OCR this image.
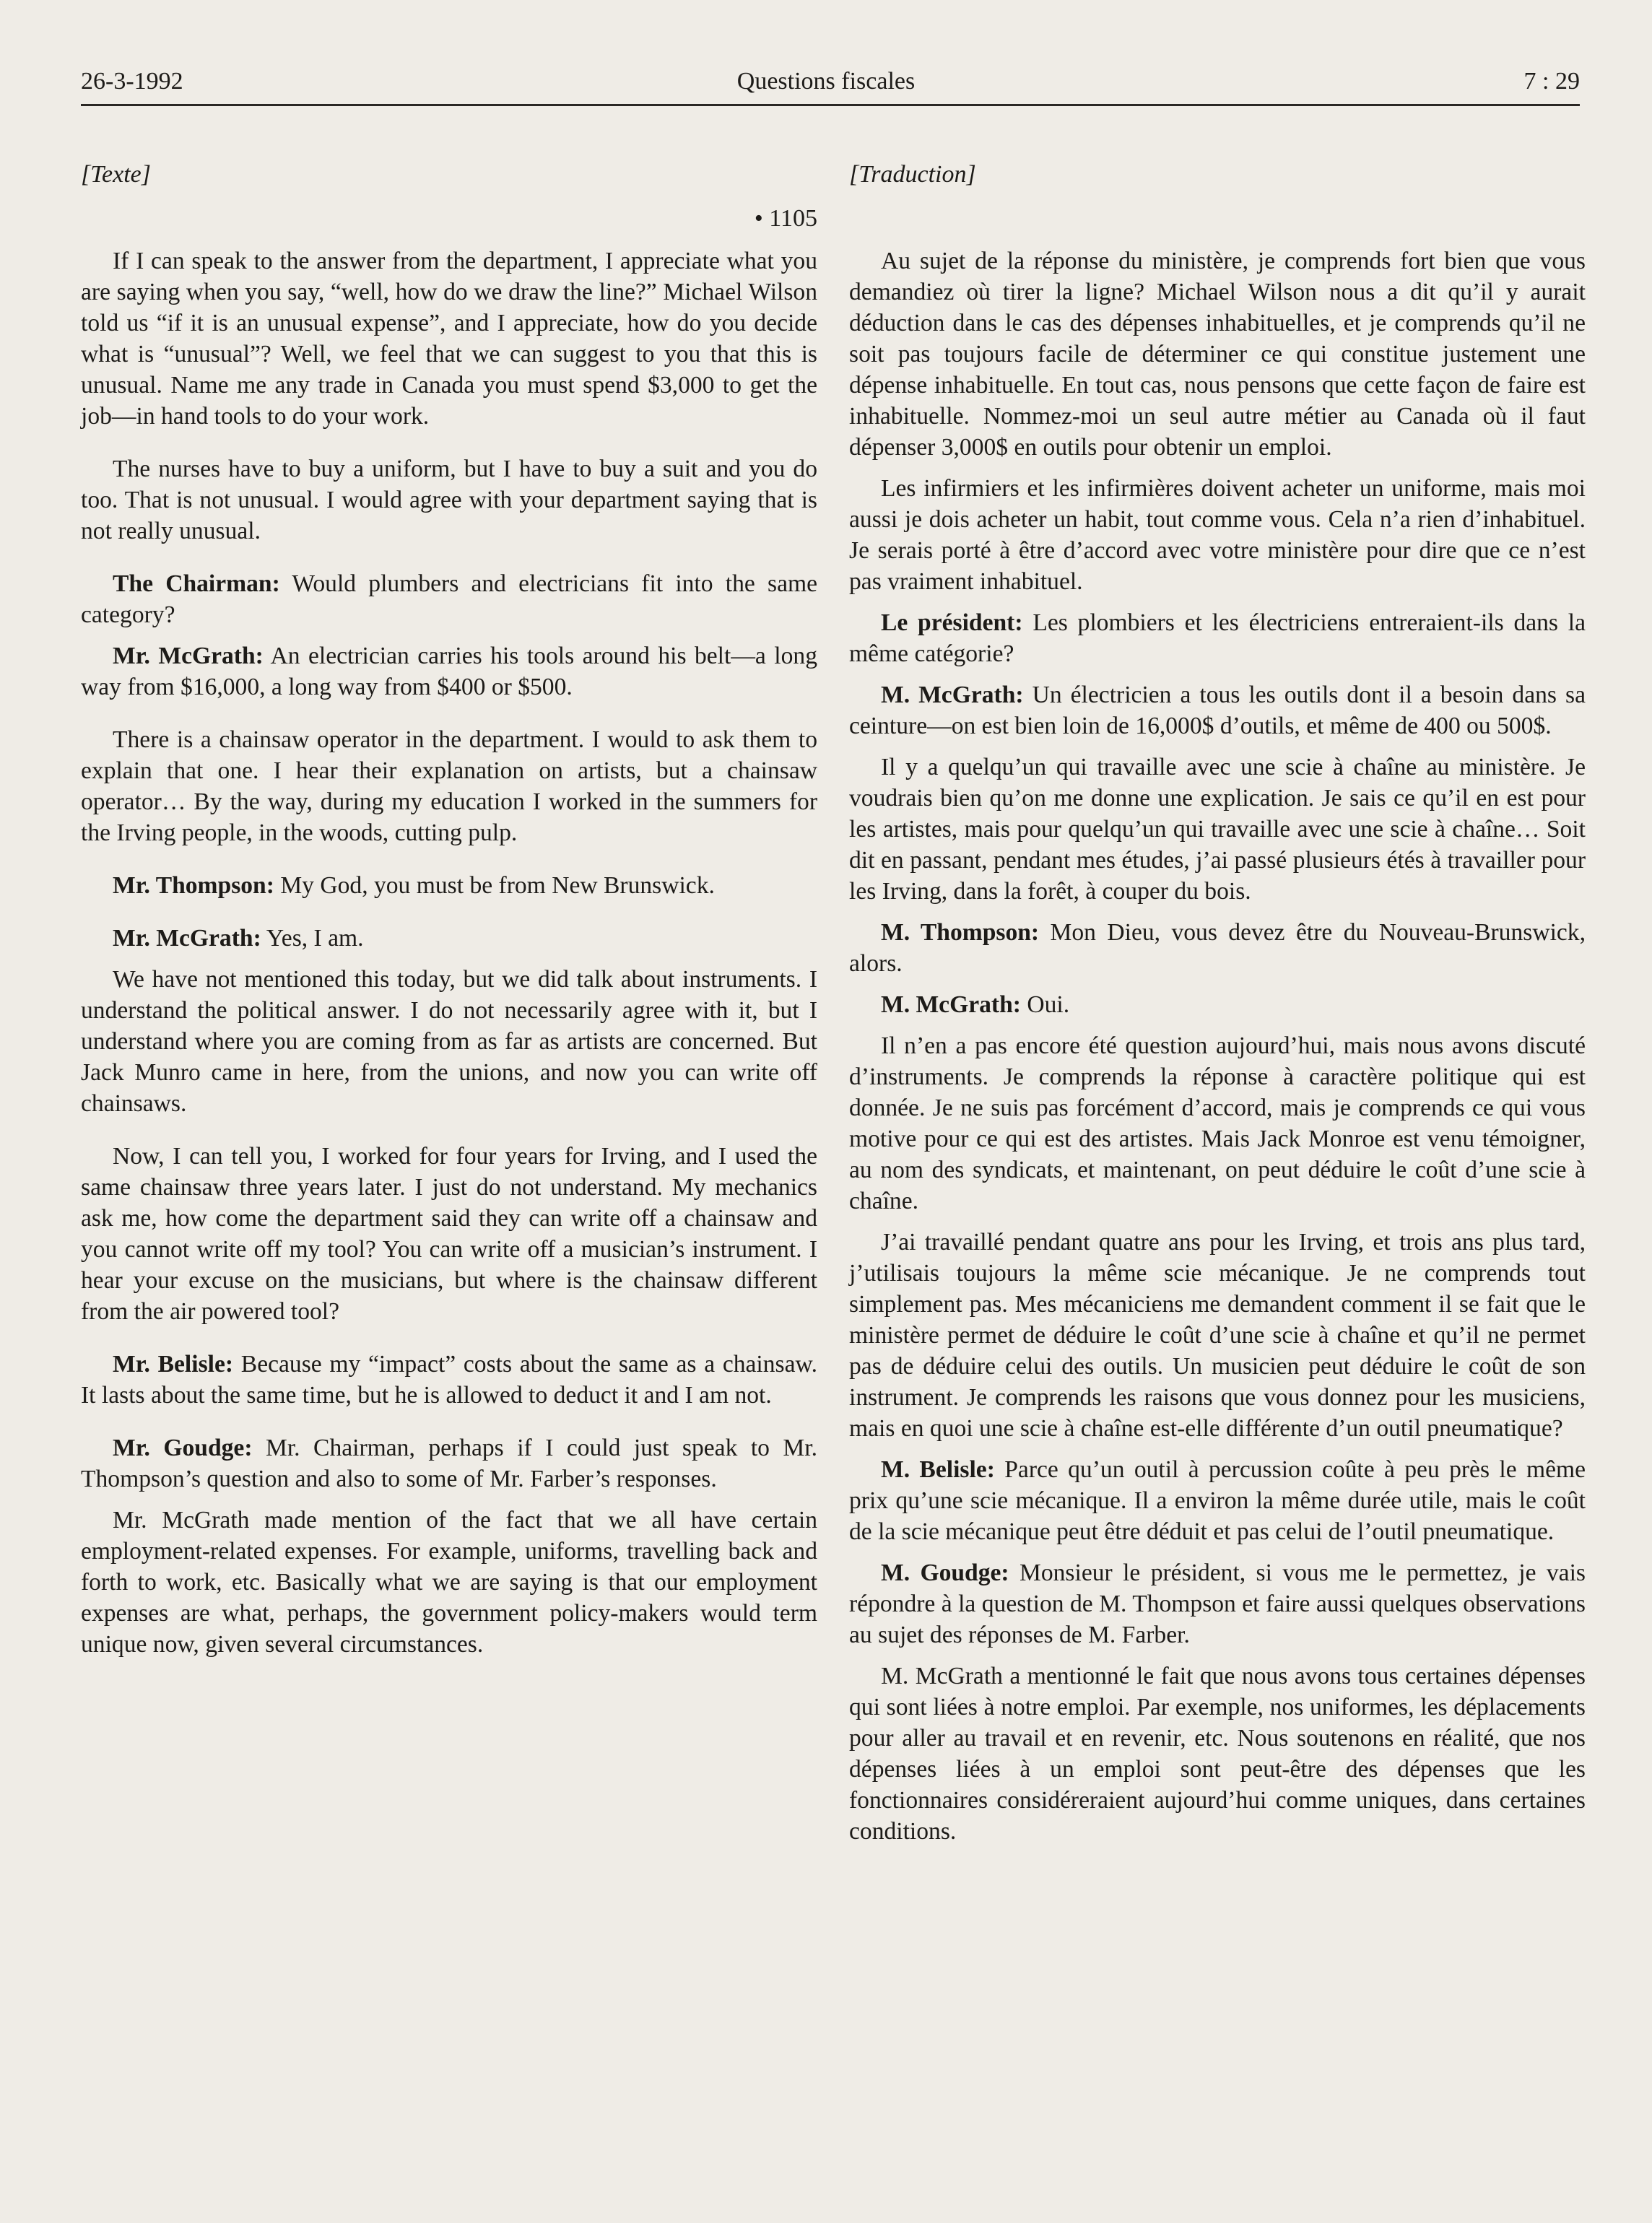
26-3-1992	Questions fiscales	7 : 29
[Texte]
• 1105

If I can speak to the answer from the department, I appreciate what you are saying when you say, “well, how do we draw the line?” Michael Wilson told us “if it is an unusual expense”, and I appreciate, how do you decide what is “unusual”? Well, we feel that we can suggest to you that this is unusual. Name me any trade in Canada you must spend $3,000 to get the job—in hand tools to do your work.

The nurses have to buy a uniform, but I have to buy a suit and you do too. That is not unusual. I would agree with your department saying that is not really unusual.

The Chairman: Would plumbers and electricians fit into the same category?

Mr. McGrath: An electrician carries his tools around his belt—a long way from $16,000, a long way from $400 or $500.

There is a chainsaw operator in the department. I would to ask them to explain that one. I hear their explanation on artists, but a chainsaw operator… By the way, during my education I worked in the summers for the Irving people, in the woods, cutting pulp.

Mr. Thompson: My God, you must be from New Brunswick.

Mr. McGrath: Yes, I am.

We have not mentioned this today, but we did talk about instruments. I understand the political answer. I do not necessarily agree with it, but I understand where you are coming from as far as artists are concerned. But Jack Munro came in here, from the unions, and now you can write off chainsaws.

Now, I can tell you, I worked for four years for Irving, and I used the same chainsaw three years later. I just do not understand. My mechanics ask me, how come the department said they can write off a chainsaw and you cannot write off my tool? You can write off a musician’s instrument. I hear your excuse on the musicians, but where is the chainsaw different from the air powered tool?

Mr. Belisle: Because my “impact” costs about the same as a chainsaw. It lasts about the same time, but he is allowed to deduct it and I am not.

Mr. Goudge: Mr. Chairman, perhaps if I could just speak to Mr. Thompson’s question and also to some of Mr. Farber’s responses.

Mr. McGrath made mention of the fact that we all have certain employment-related expenses. For example, uniforms, travelling back and forth to work, etc. Basically what we are saying is that our employment expenses are what, perhaps, the government policy-makers would term unique now, given several circumstances.

[Traduction]

Au sujet de la réponse du ministère, je comprends fort bien que vous demandiez où tirer la ligne? Michael Wilson nous a dit qu’il y aurait déduction dans le cas des dépenses inhabituelles, et je comprends qu’il ne soit pas toujours facile de déterminer ce qui constitue justement une dépense inhabituelle. En tout cas, nous pensons que cette façon de faire est inhabituelle. Nommez-moi un seul autre métier au Canada où il faut dépenser 3,000$ en outils pour obtenir un emploi.

Les infirmiers et les infirmières doivent acheter un uniforme, mais moi aussi je dois acheter un habit, tout comme vous. Cela n’a rien d’inhabituel. Je serais porté à être d’accord avec votre ministère pour dire que ce n’est pas vraiment inhabituel.

Le président: Les plombiers et les électriciens entreraient-ils dans la même catégorie?

M. McGrath: Un électricien a tous les outils dont il a besoin dans sa ceinture—on est bien loin de 16,000$ d’outils, et même de 400 ou 500$.

Il y a quelqu’un qui travaille avec une scie à chaîne au ministère. Je voudrais bien qu’on me donne une explication. Je sais ce qu’il en est pour les artistes, mais pour quelqu’un qui travaille avec une scie à chaîne… Soit dit en passant, pendant mes études, j’ai passé plusieurs étés à travailler pour les Irving, dans la forêt, à couper du bois.

M. Thompson: Mon Dieu, vous devez être du Nouveau-Brunswick, alors.

M. McGrath: Oui.

Il n’en a pas encore été question aujourd’hui, mais nous avons discuté d’instruments. Je comprends la réponse à caractère politique qui est donnée. Je ne suis pas forcément d’accord, mais je comprends ce qui vous motive pour ce qui est des artistes. Mais Jack Monroe est venu témoigner, au nom des syndicats, et maintenant, on peut déduire le coût d’une scie à chaîne.

J’ai travaillé pendant quatre ans pour les Irving, et trois ans plus tard, j’utilisais toujours la même scie mécanique. Je ne comprends tout simplement pas. Mes mécaniciens me demandent comment il se fait que le ministère permet de déduire le coût d’une scie à chaîne et qu’il ne permet pas de déduire celui des outils. Un musicien peut déduire le coût de son instrument. Je comprends les raisons que vous donnez pour les musiciens, mais en quoi une scie à chaîne est-elle différente d’un outil pneumatique?

M. Belisle: Parce qu’un outil à percussion coûte à peu près le même prix qu’une scie mécanique. Il a environ la même durée utile, mais le coût de la scie mécanique peut être déduit et pas celui de l’outil pneumatique.

M. Goudge: Monsieur le président, si vous me le permettez, je vais répondre à la question de M. Thompson et faire aussi quelques observations au sujet des réponses de M. Farber.

M. McGrath a mentionné le fait que nous avons tous certaines dépenses qui sont liées à notre emploi. Par exemple, nos uniformes, les déplacements pour aller au travail et en revenir, etc. Nous soutenons en réalité, que nos dépenses liées à un emploi sont peut-être des dépenses que les fonctionnaires considéreraient aujourd’hui comme uniques, dans certaines conditions.
